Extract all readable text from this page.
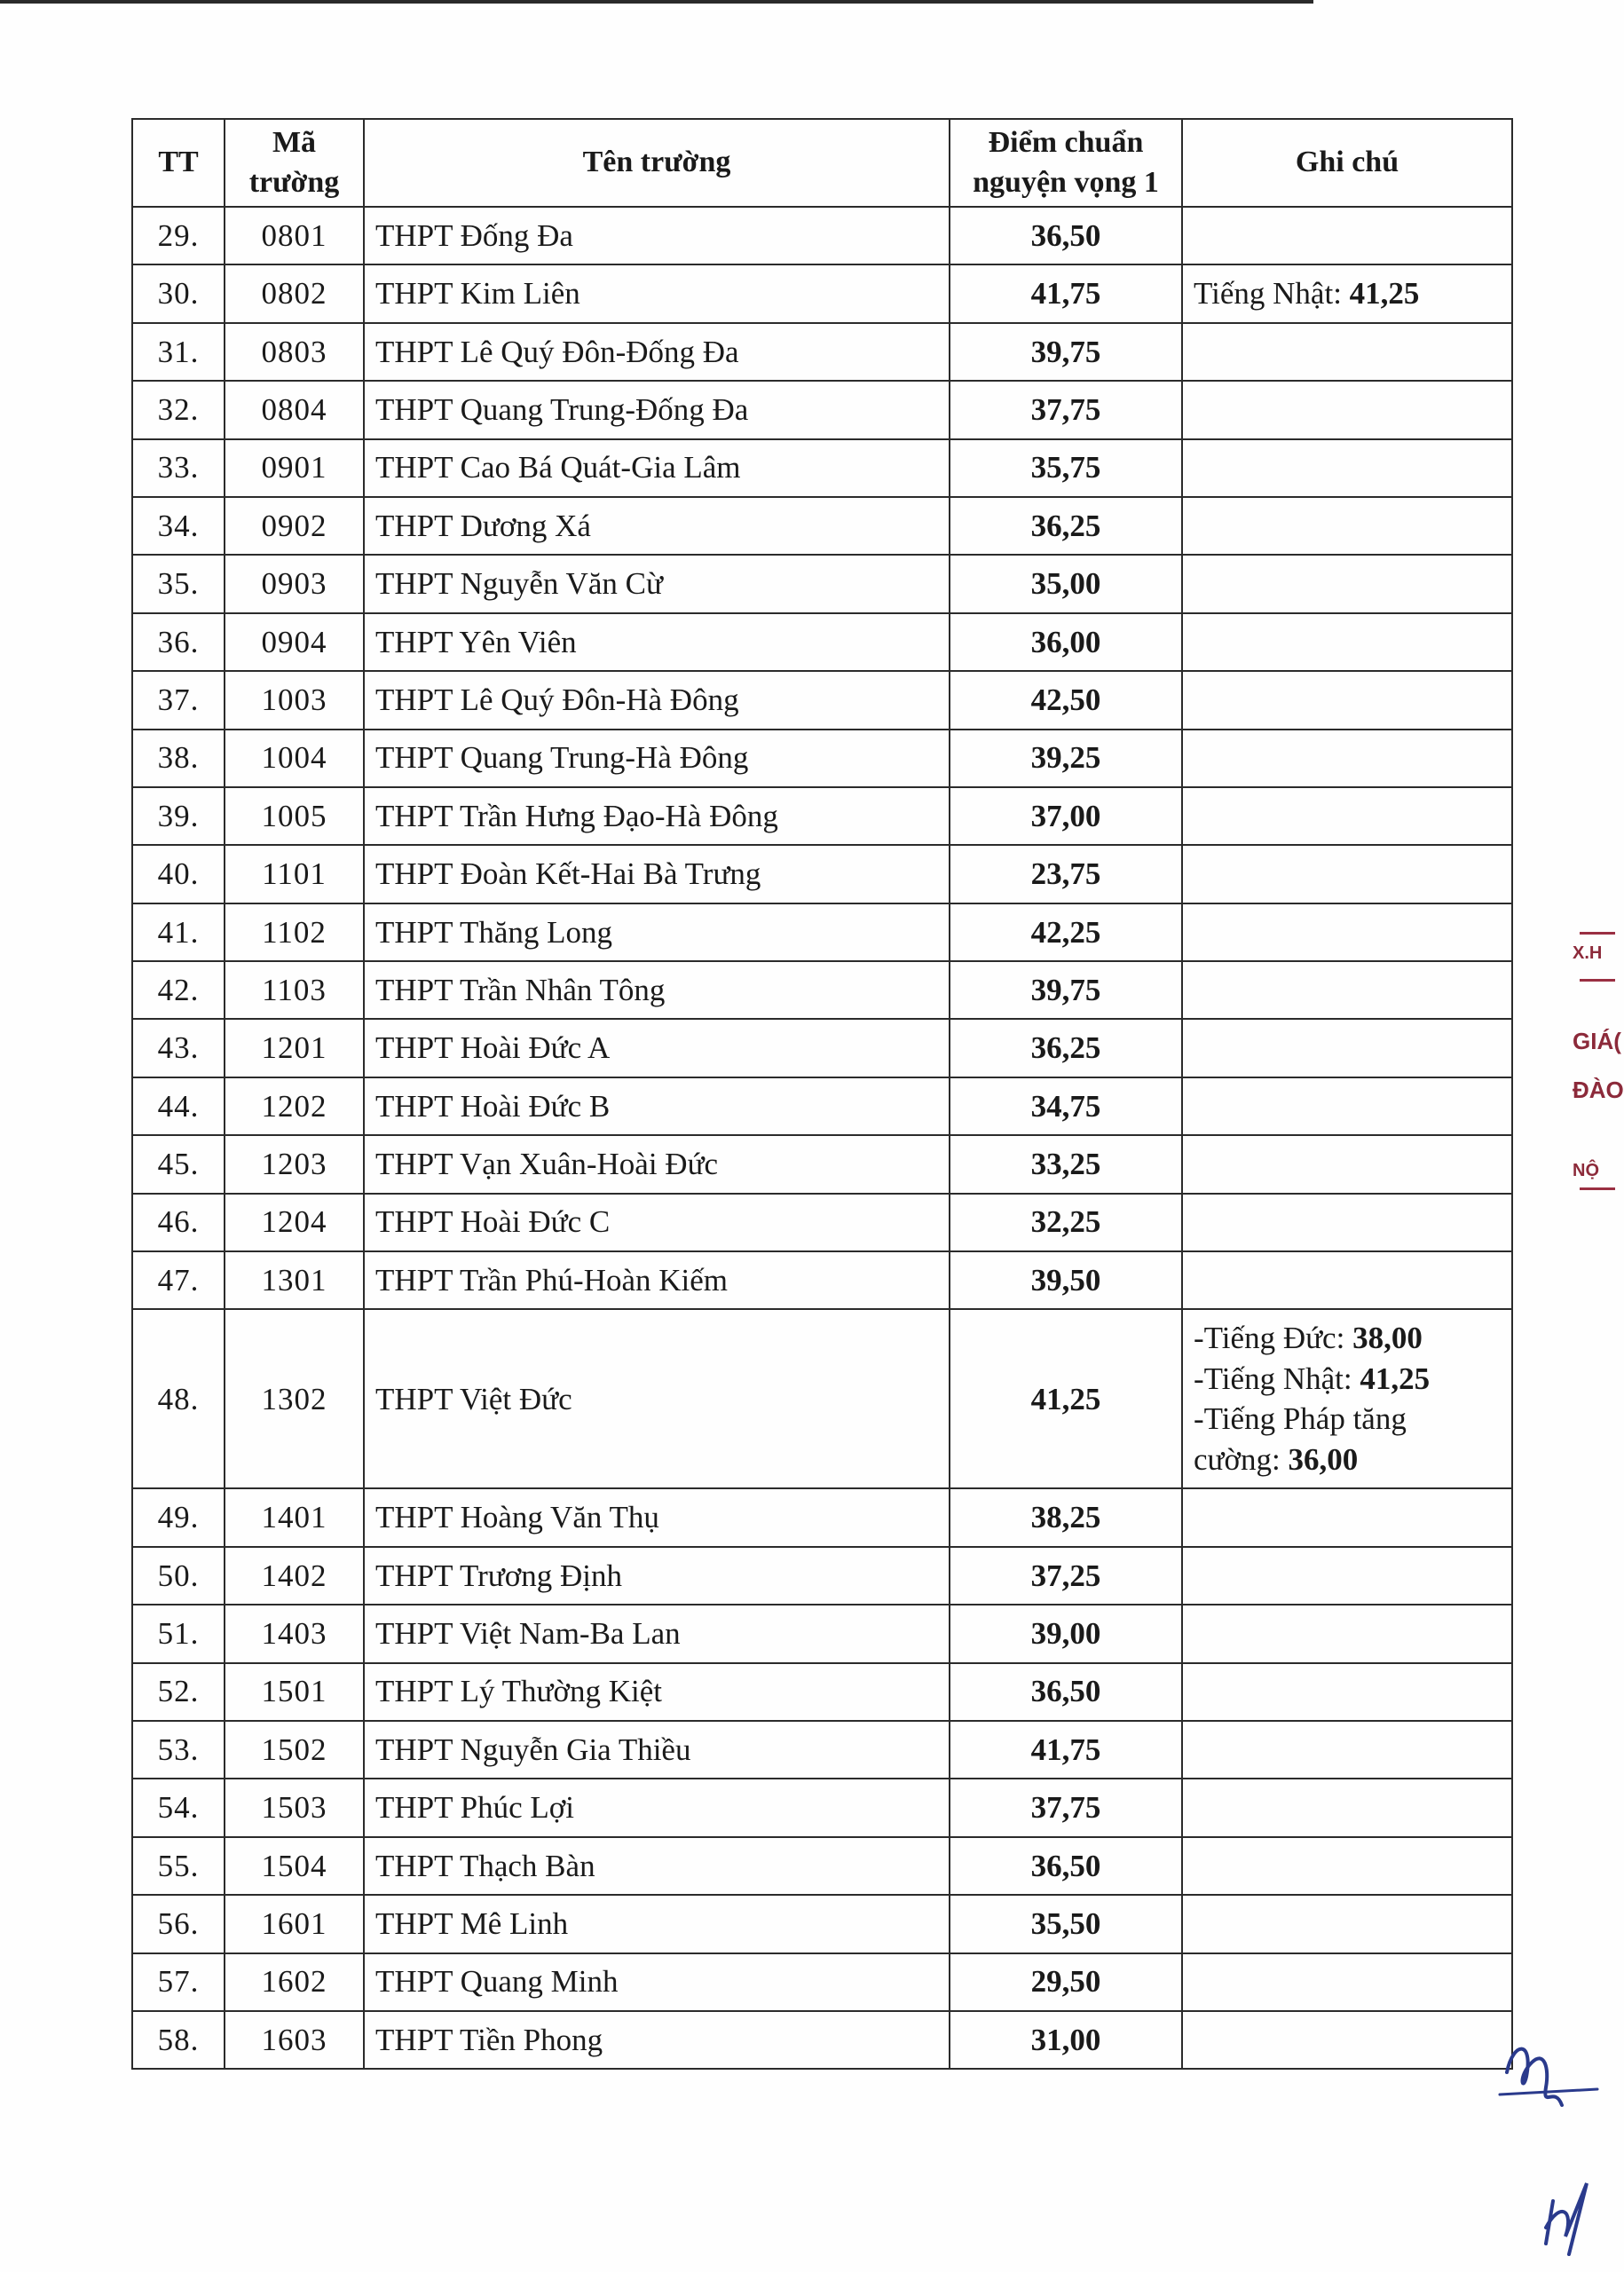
TT	Mã trường	Tên trường	Điểm chuẩn nguyện vọng 1	Ghi chú
29.	0801	THPT Đống Đa	36,50	
30.	0802	THPT Kim Liên	41,75	Tiếng Nhật: 41,25

31.	0803	THPT Lê Quý Đôn-Đống Đa	39,75	
32.	0804	THPT Quang Trung-Đống Đa	37,75	
33.	0901	THPT Cao Bá Quát-Gia Lâm	35,75	
34.	0902	THPT Dương Xá	36,25	
35.	0903	THPT Nguyễn Văn Cừ	35,00	
36.	0904	THPT Yên Viên	36,00	
37.	1003	THPT Lê Quý Đôn-Hà Đông	42,50	
38.	1004	THPT Quang Trung-Hà Đông	39,25	
39.	1005	THPT Trần Hưng Đạo-Hà Đông	37,00	
40.	1101	THPT Đoàn Kết-Hai Bà Trưng	23,75	
41.	1102	THPT Thăng Long	42,25	
42.	1103	THPT Trần Nhân Tông	39,75	
43.	1201	THPT Hoài Đức A	36,25	
44.	1202	THPT Hoài Đức B	34,75	
45.	1203	THPT Vạn Xuân-Hoài Đức	33,25	
46.	1204	THPT Hoài Đức C	32,25	
47.	1301	THPT Trần Phú-Hoàn Kiếm	39,50	
48.	1302	THPT Việt Đức	41,25	-Tiếng Đức: 38,00
-Tiếng Nhật: 41,25
-Tiếng Pháp tăng cường: 36,00

49.	1401	THPT Hoàng Văn Thụ	38,25	
50.	1402	THPT Trương Định	37,25	
51.	1403	THPT Việt Nam-Ba Lan	39,00	
52.	1501	THPT Lý Thường Kiệt	36,50	
53.	1502	THPT Nguyễn Gia Thiều	41,75	
54.	1503	THPT Phúc Lợi	37,75	
55.	1504	THPT Thạch Bàn	36,50	
56.	1601	THPT Mê Linh	35,50	
57.	1602	THPT Quang Minh	29,50	
58.	1603	THPT Tiền Phong	31,00	
X.H
GIÁ(
ĐÀO
NỘ
